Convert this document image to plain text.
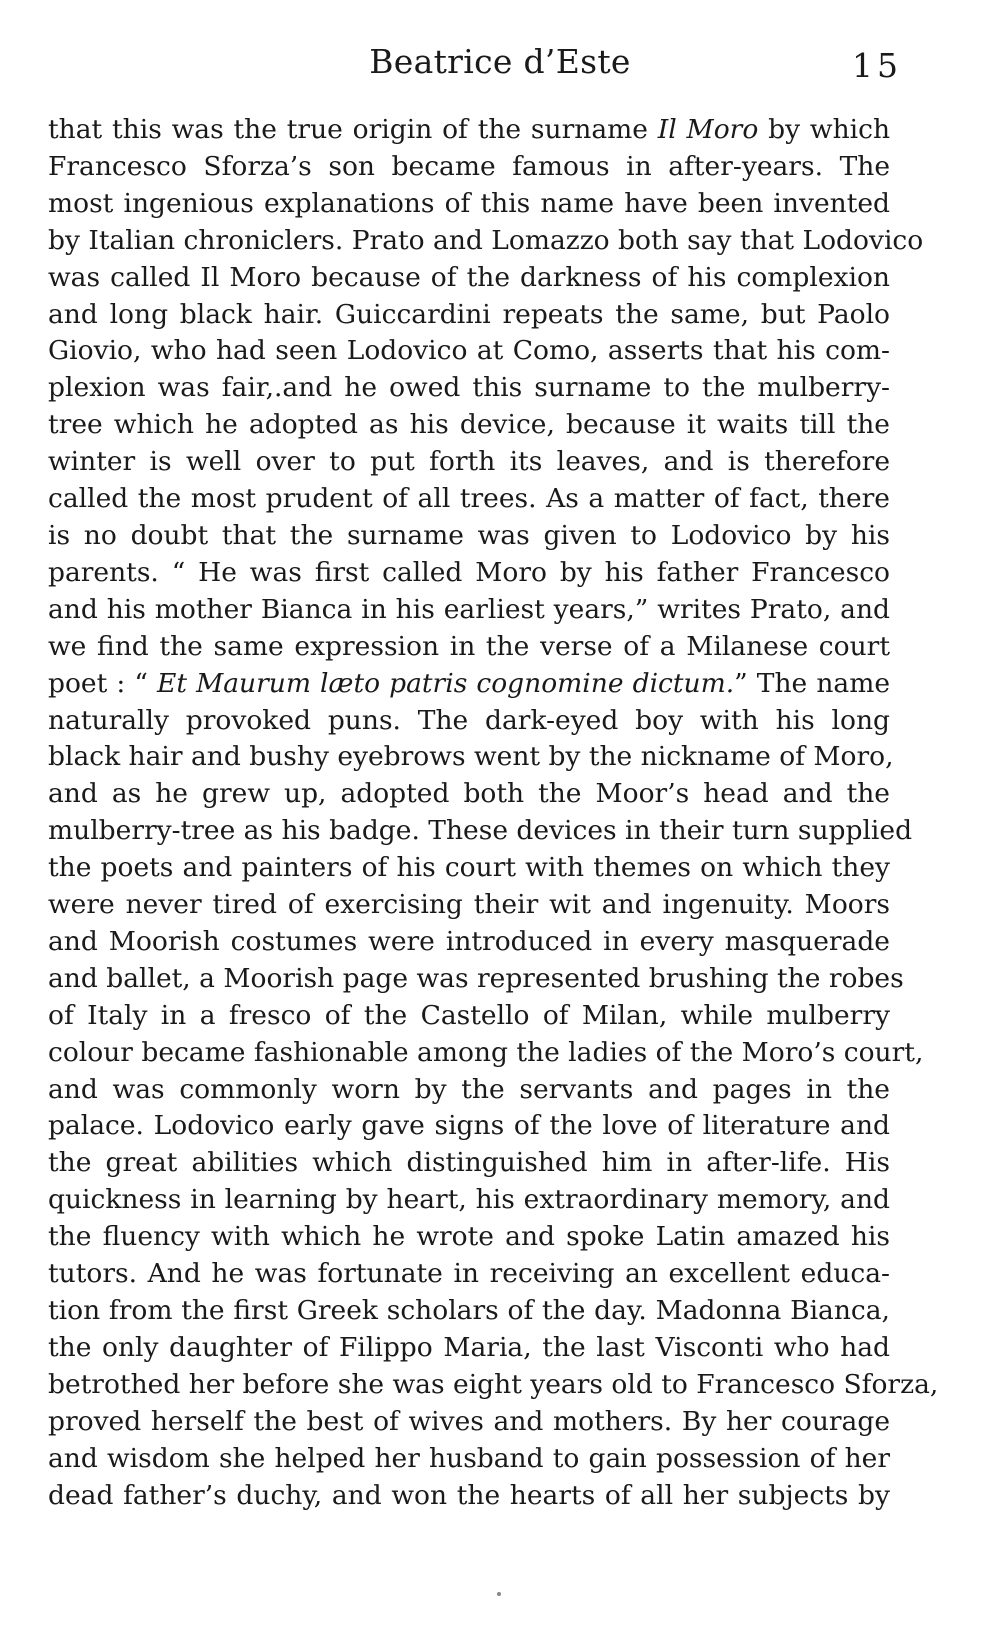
Beatrice d’Este	15
that this was the true origin of the surname Il Moro by which
Francesco Sforza’s son became famous in after-years. The
most ingenious explanations of this name have been invented
by Italian chroniclers. Prato and Lomazzo both say that Lodovico
was called Il Moro because of the darkness of his complexion
and long black hair. Guiccardini repeats the same, but Paolo
Giovio, who had seen Lodovico at Como, asserts that his com-
plexion was fair,.and he owed this surname to the mulberry-
tree which he adopted as his device, because it waits till the
winter is well over to put forth its leaves, and is therefore
called the most prudent of all trees. As a matter of fact, there
is no doubt that the surname was given to Lodovico by his
parents. “ He was first called Moro by his father Francesco
and his mother Bianca in his earliest years,” writes Prato, and
we find the same expression in the verse of a Milanese court
poet : “ Et Maurum læto patris cognomine dictum.” The name
naturally provoked puns. The dark-eyed boy with his long
black hair and bushy eyebrows went by the nickname of Moro,
and as he grew up, adopted both the Moor’s head and the
mulberry-tree as his badge. These devices in their turn supplied
the poets and painters of his court with themes on which they
were never tired of exercising their wit and ingenuity. Moors
and Moorish costumes were introduced in every masquerade
and ballet, a Moorish page was represented brushing the robes
of Italy in a fresco of the Castello of Milan, while mulberry
colour became fashionable among the ladies of the Moro’s court,
and was commonly worn by the servants and pages in the
palace. Lodovico early gave signs of the love of literature and
the great abilities which distinguished him in after-life. His
quickness in learning by heart, his extraordinary memory, and
the fluency with which he wrote and spoke Latin amazed his
tutors. And he was fortunate in receiving an excellent educa-
tion from the first Greek scholars of the day. Madonna Bianca,
the only daughter of Filippo Maria, the last Visconti who had
betrothed her before she was eight years old to Francesco Sforza,
proved herself the best of wives and mothers. By her courage
and wisdom she helped her husband to gain possession of her
dead father’s duchy, and won the hearts of all her subjects by
